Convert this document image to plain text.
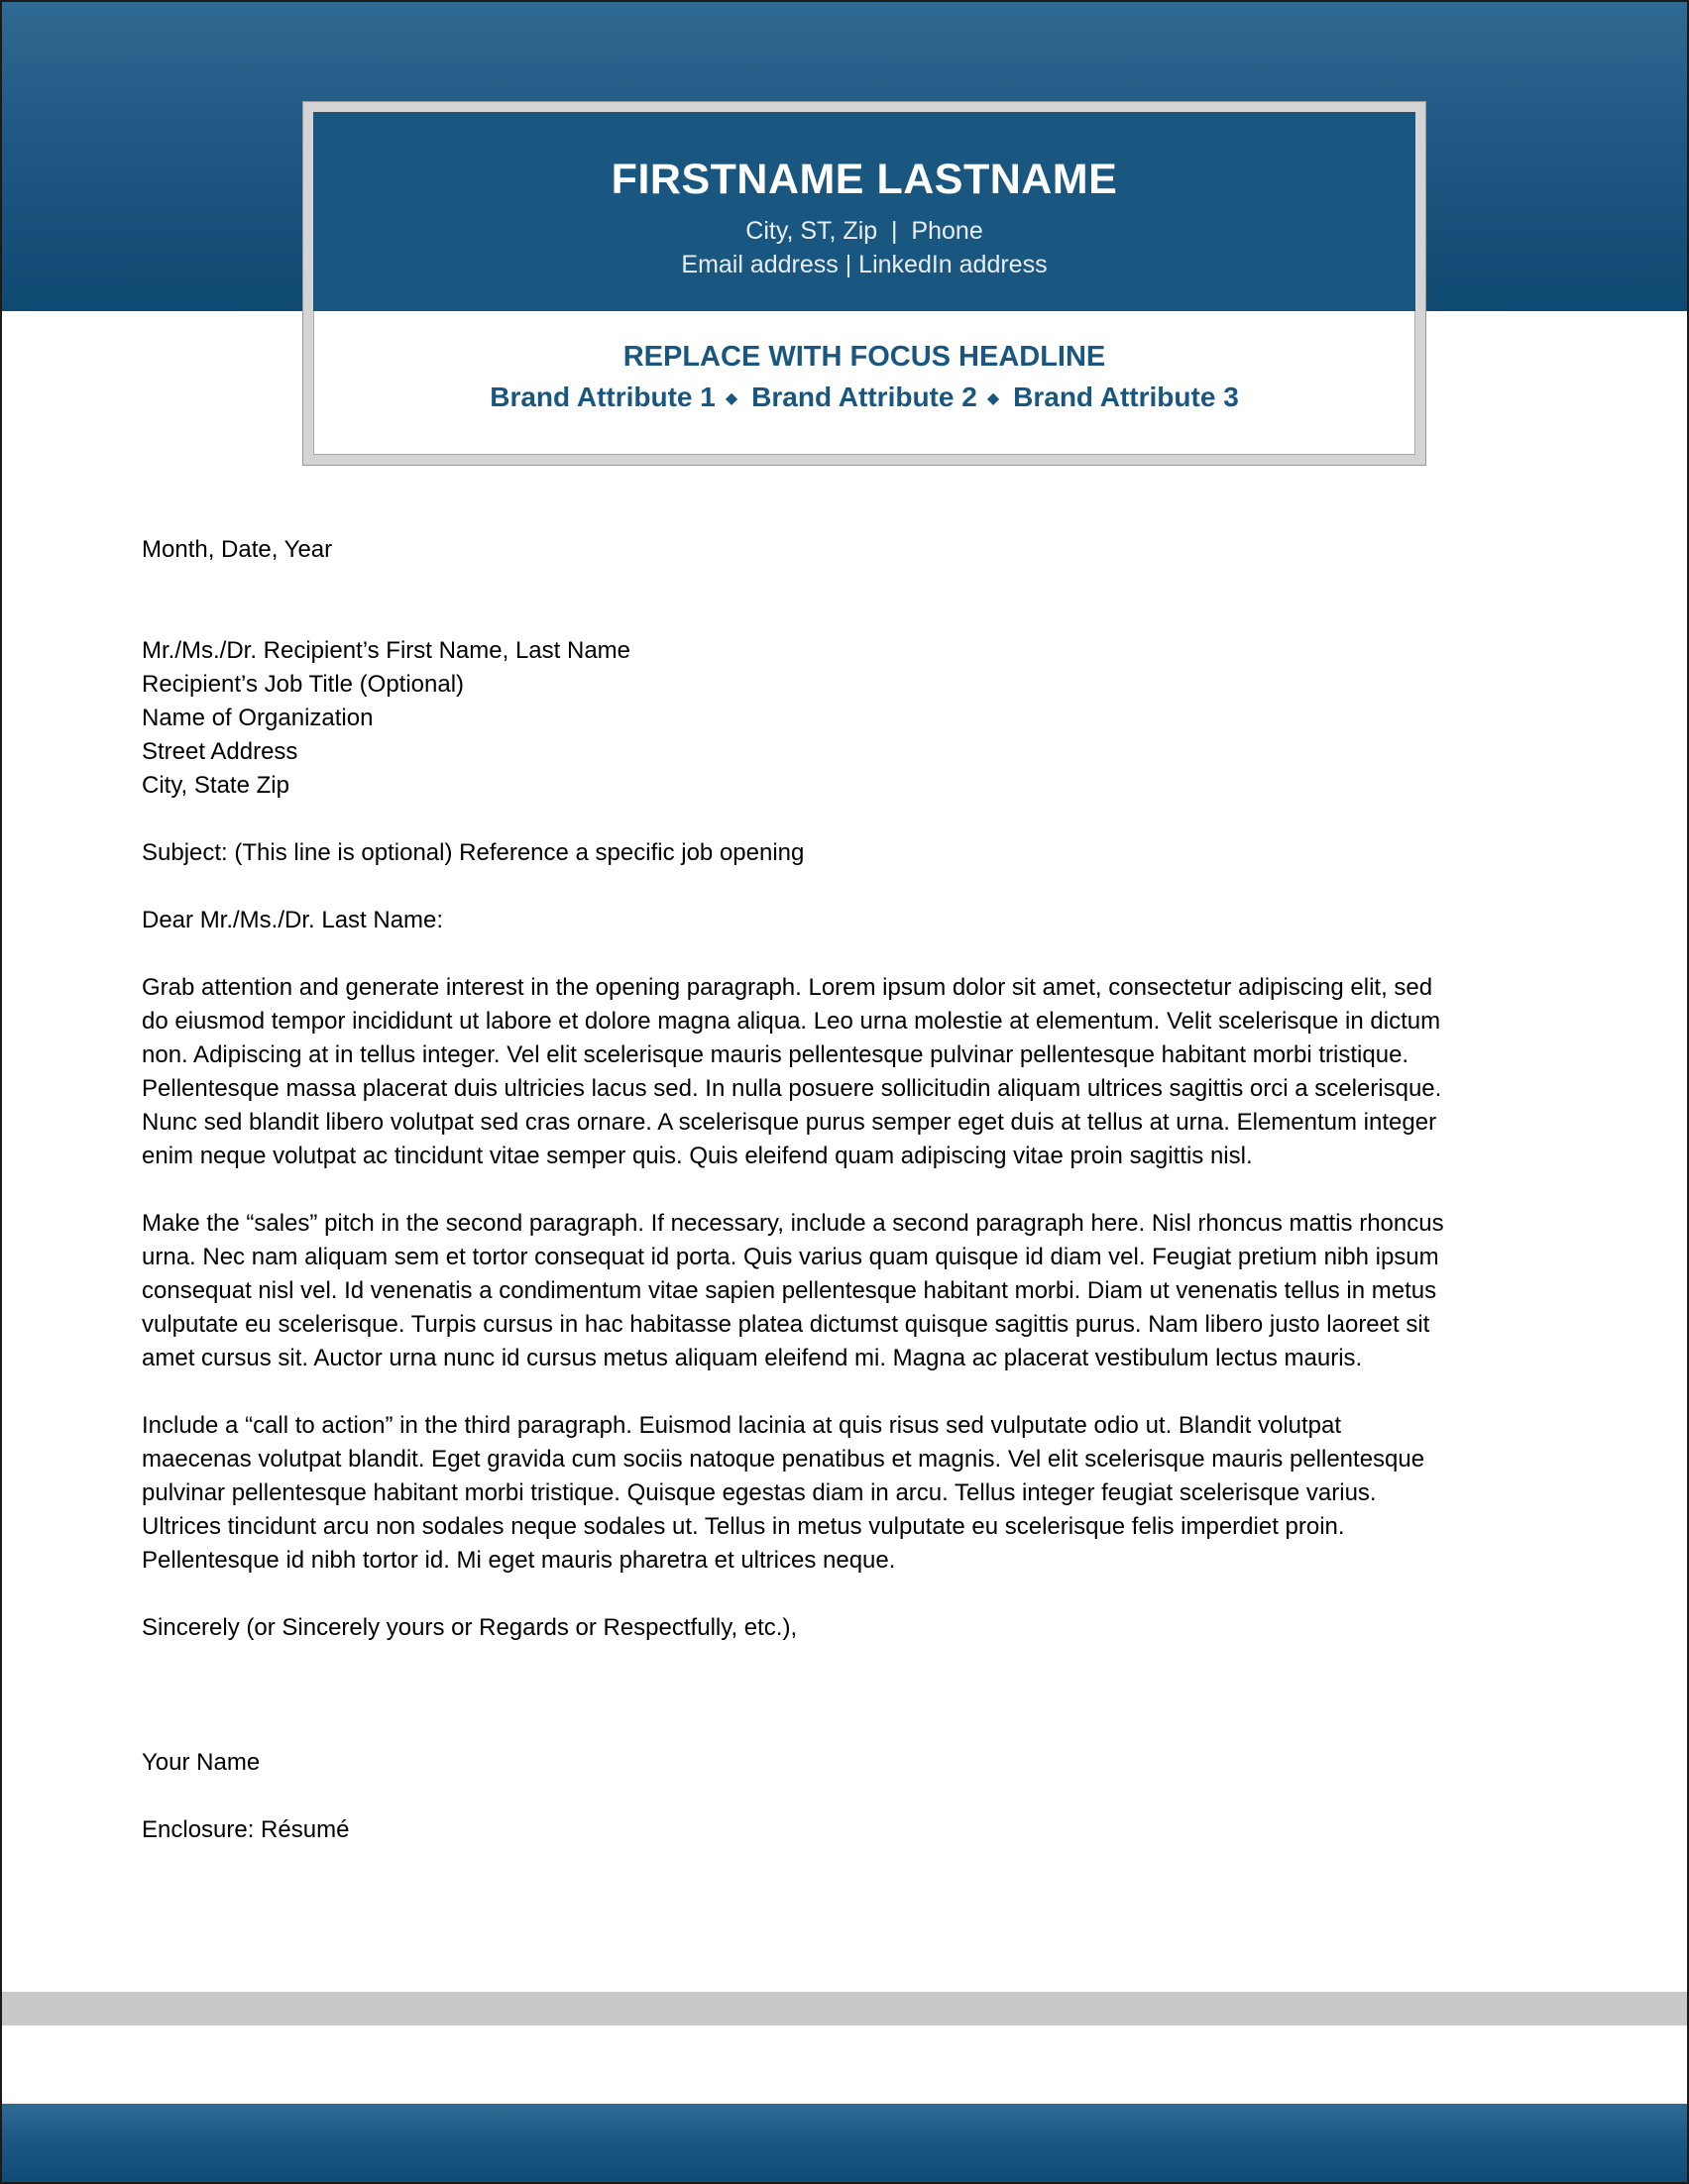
FIRSTNAME LASTNAME
City, ST, Zip  |  Phone
Email address | LinkedIn address
REPLACE WITH FOCUS HEADLINE
Brand Attribute 1 ◆ Brand Attribute 2 ◆ Brand Attribute 3

Month, Date, Year

Mr./Ms./Dr. Recipient’s First Name, Last Name
Recipient’s Job Title (Optional)
Name of Organization
Street Address
City, State Zip

Subject: (This line is optional) Reference a specific job opening

Dear Mr./Ms./Dr. Last Name:

Grab attention and generate interest in the opening paragraph. Lorem ipsum dolor sit amet, consectetur adipiscing elit, sed
do eiusmod tempor incididunt ut labore et dolore magna aliqua. Leo urna molestie at elementum. Velit scelerisque in dictum
non. Adipiscing at in tellus integer. Vel elit scelerisque mauris pellentesque pulvinar pellentesque habitant morbi tristique.
Pellentesque massa placerat duis ultricies lacus sed. In nulla posuere sollicitudin aliquam ultrices sagittis orci a scelerisque.
Nunc sed blandit libero volutpat sed cras ornare. A scelerisque purus semper eget duis at tellus at urna. Elementum integer
enim neque volutpat ac tincidunt vitae semper quis. Quis eleifend quam adipiscing vitae proin sagittis nisl.
Make the “sales” pitch in the second paragraph. If necessary, include a second paragraph here. Nisl rhoncus mattis rhoncus
urna. Nec nam aliquam sem et tortor consequat id porta. Quis varius quam quisque id diam vel. Feugiat pretium nibh ipsum
consequat nisl vel. Id venenatis a condimentum vitae sapien pellentesque habitant morbi. Diam ut venenatis tellus in metus
vulputate eu scelerisque. Turpis cursus in hac habitasse platea dictumst quisque sagittis purus. Nam libero justo laoreet sit
amet cursus sit. Auctor urna nunc id cursus metus aliquam eleifend mi. Magna ac placerat vestibulum lectus mauris.
Include a “call to action” in the third paragraph. Euismod lacinia at quis risus sed vulputate odio ut. Blandit volutpat
maecenas volutpat blandit. Eget gravida cum sociis natoque penatibus et magnis. Vel elit scelerisque mauris pellentesque
pulvinar pellentesque habitant morbi tristique. Quisque egestas diam in arcu. Tellus integer feugiat scelerisque varius.
Ultrices tincidunt arcu non sodales neque sodales ut. Tellus in metus vulputate eu scelerisque felis imperdiet proin.
Pellentesque id nibh tortor id. Mi eget mauris pharetra et ultrices neque.

Sincerely (or Sincerely yours or Regards or Respectfully, etc.),

Your Name

Enclosure: Résumé
